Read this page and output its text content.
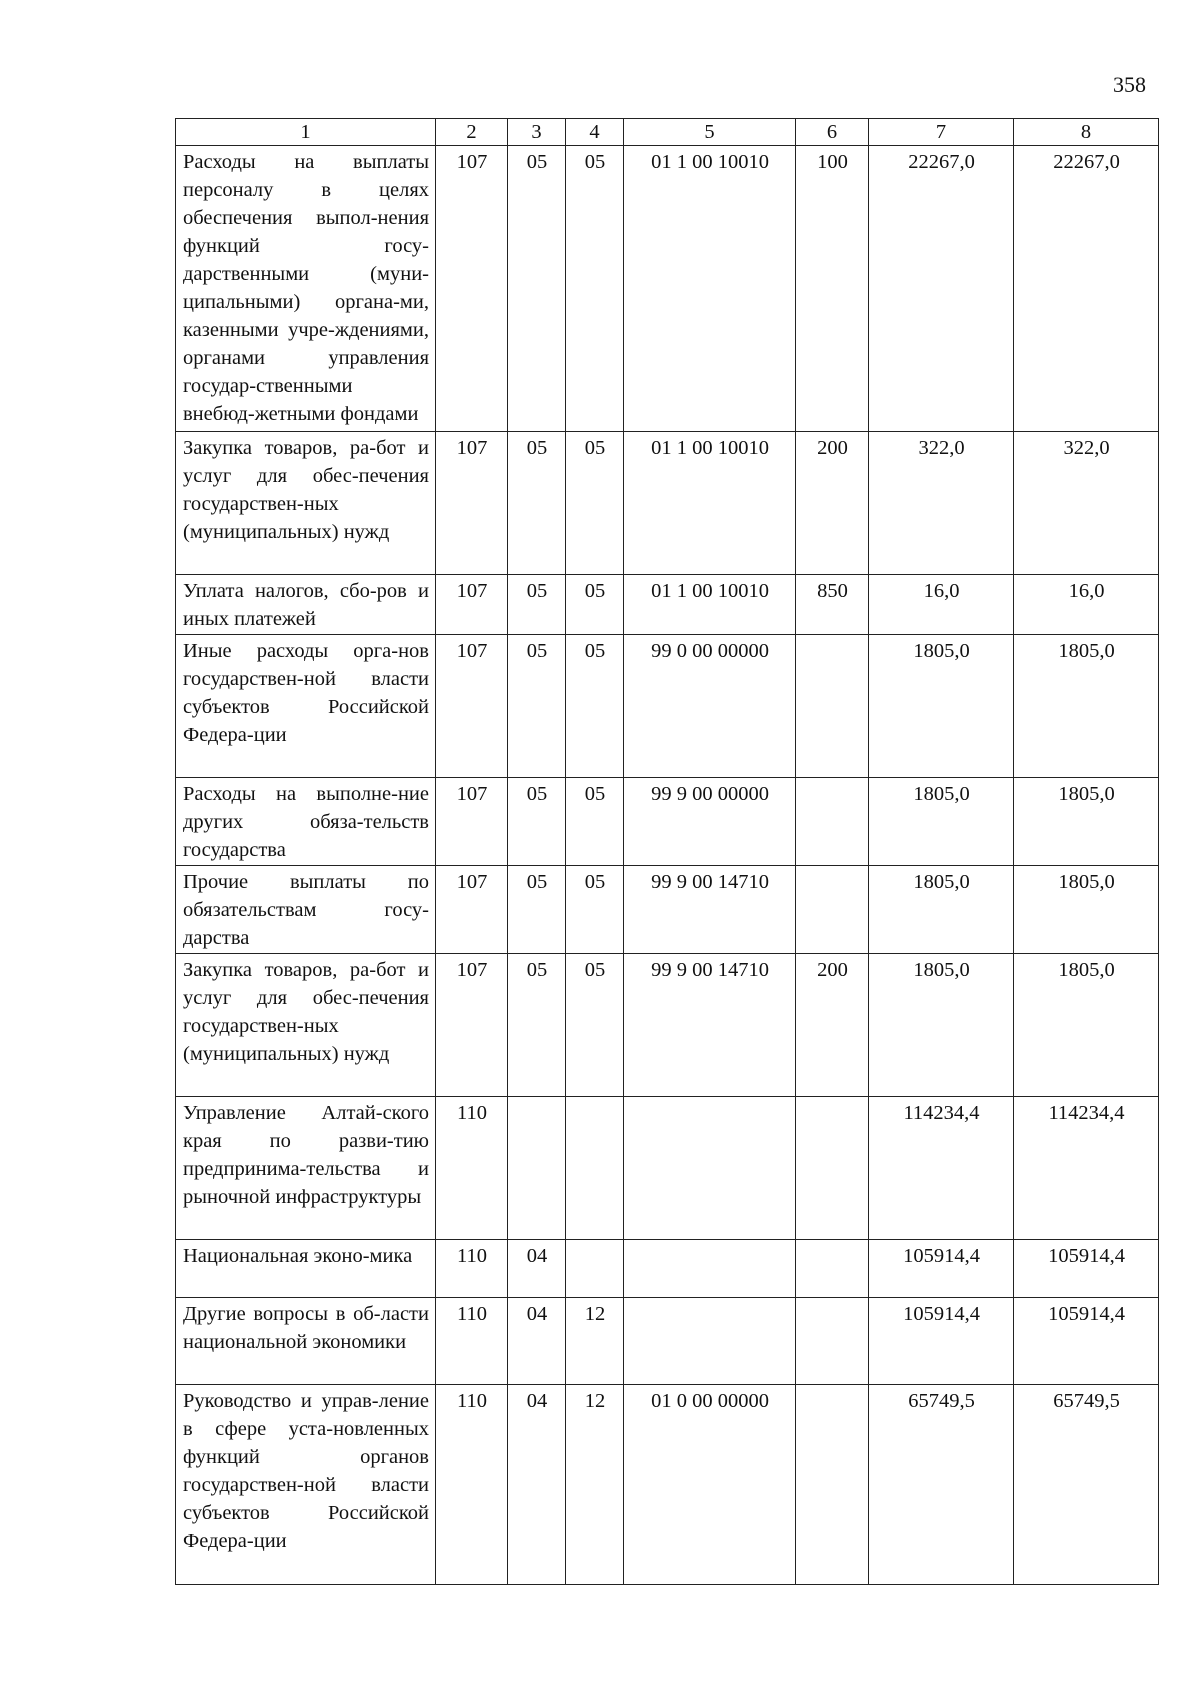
358
1	2	3	4	5	6	7	8
Расходы на выплаты персоналу в целях обеспечения выпол-нения функций госу-дарственными (муни-ципальными) органа-ми, казенными учре-ждениями, органами управления государ-ственными внебюд-жетными фондами	107	05	05	01 1 00 10010	100	22267,0	22267,0
Закупка товаров, ра-бот и услуг для обес-печения государствен-ных (муниципальных) нужд	107	05	05	01 1 00 10010	200	322,0	322,0
Уплата налогов, сбо-ров и иных платежей	107	05	05	01 1 00 10010	850	16,0	16,0
Иные расходы орга-нов государствен-ной власти субъектов Российской Федера-ции	107	05	05	99 0 00 00000		1805,0	1805,0
Расходы на выполне-ние других обяза-тельств государства	107	05	05	99 9 00 00000		1805,0	1805,0
Прочие выплаты по обязательствам госу-дарства	107	05	05	99 9 00 14710		1805,0	1805,0
Закупка товаров, ра-бот и услуг для обес-печения государствен-ных (муниципальных) нужд	107	05	05	99 9 00 14710	200	1805,0	1805,0
Управление Алтай-ского края по разви-тию предпринима-тельства и рыночной инфраструктуры	110					114234,4	114234,4
Национальная эконо-мика	110	04				105914,4	105914,4
Другие вопросы в об-ласти национальной экономики	110	04	12			105914,4	105914,4
Руководство и управ-ление в сфере уста-новленных функций органов государствен-ной власти субъектов Российской Федера-ции	110	04	12	01 0 00 00000		65749,5	65749,5
